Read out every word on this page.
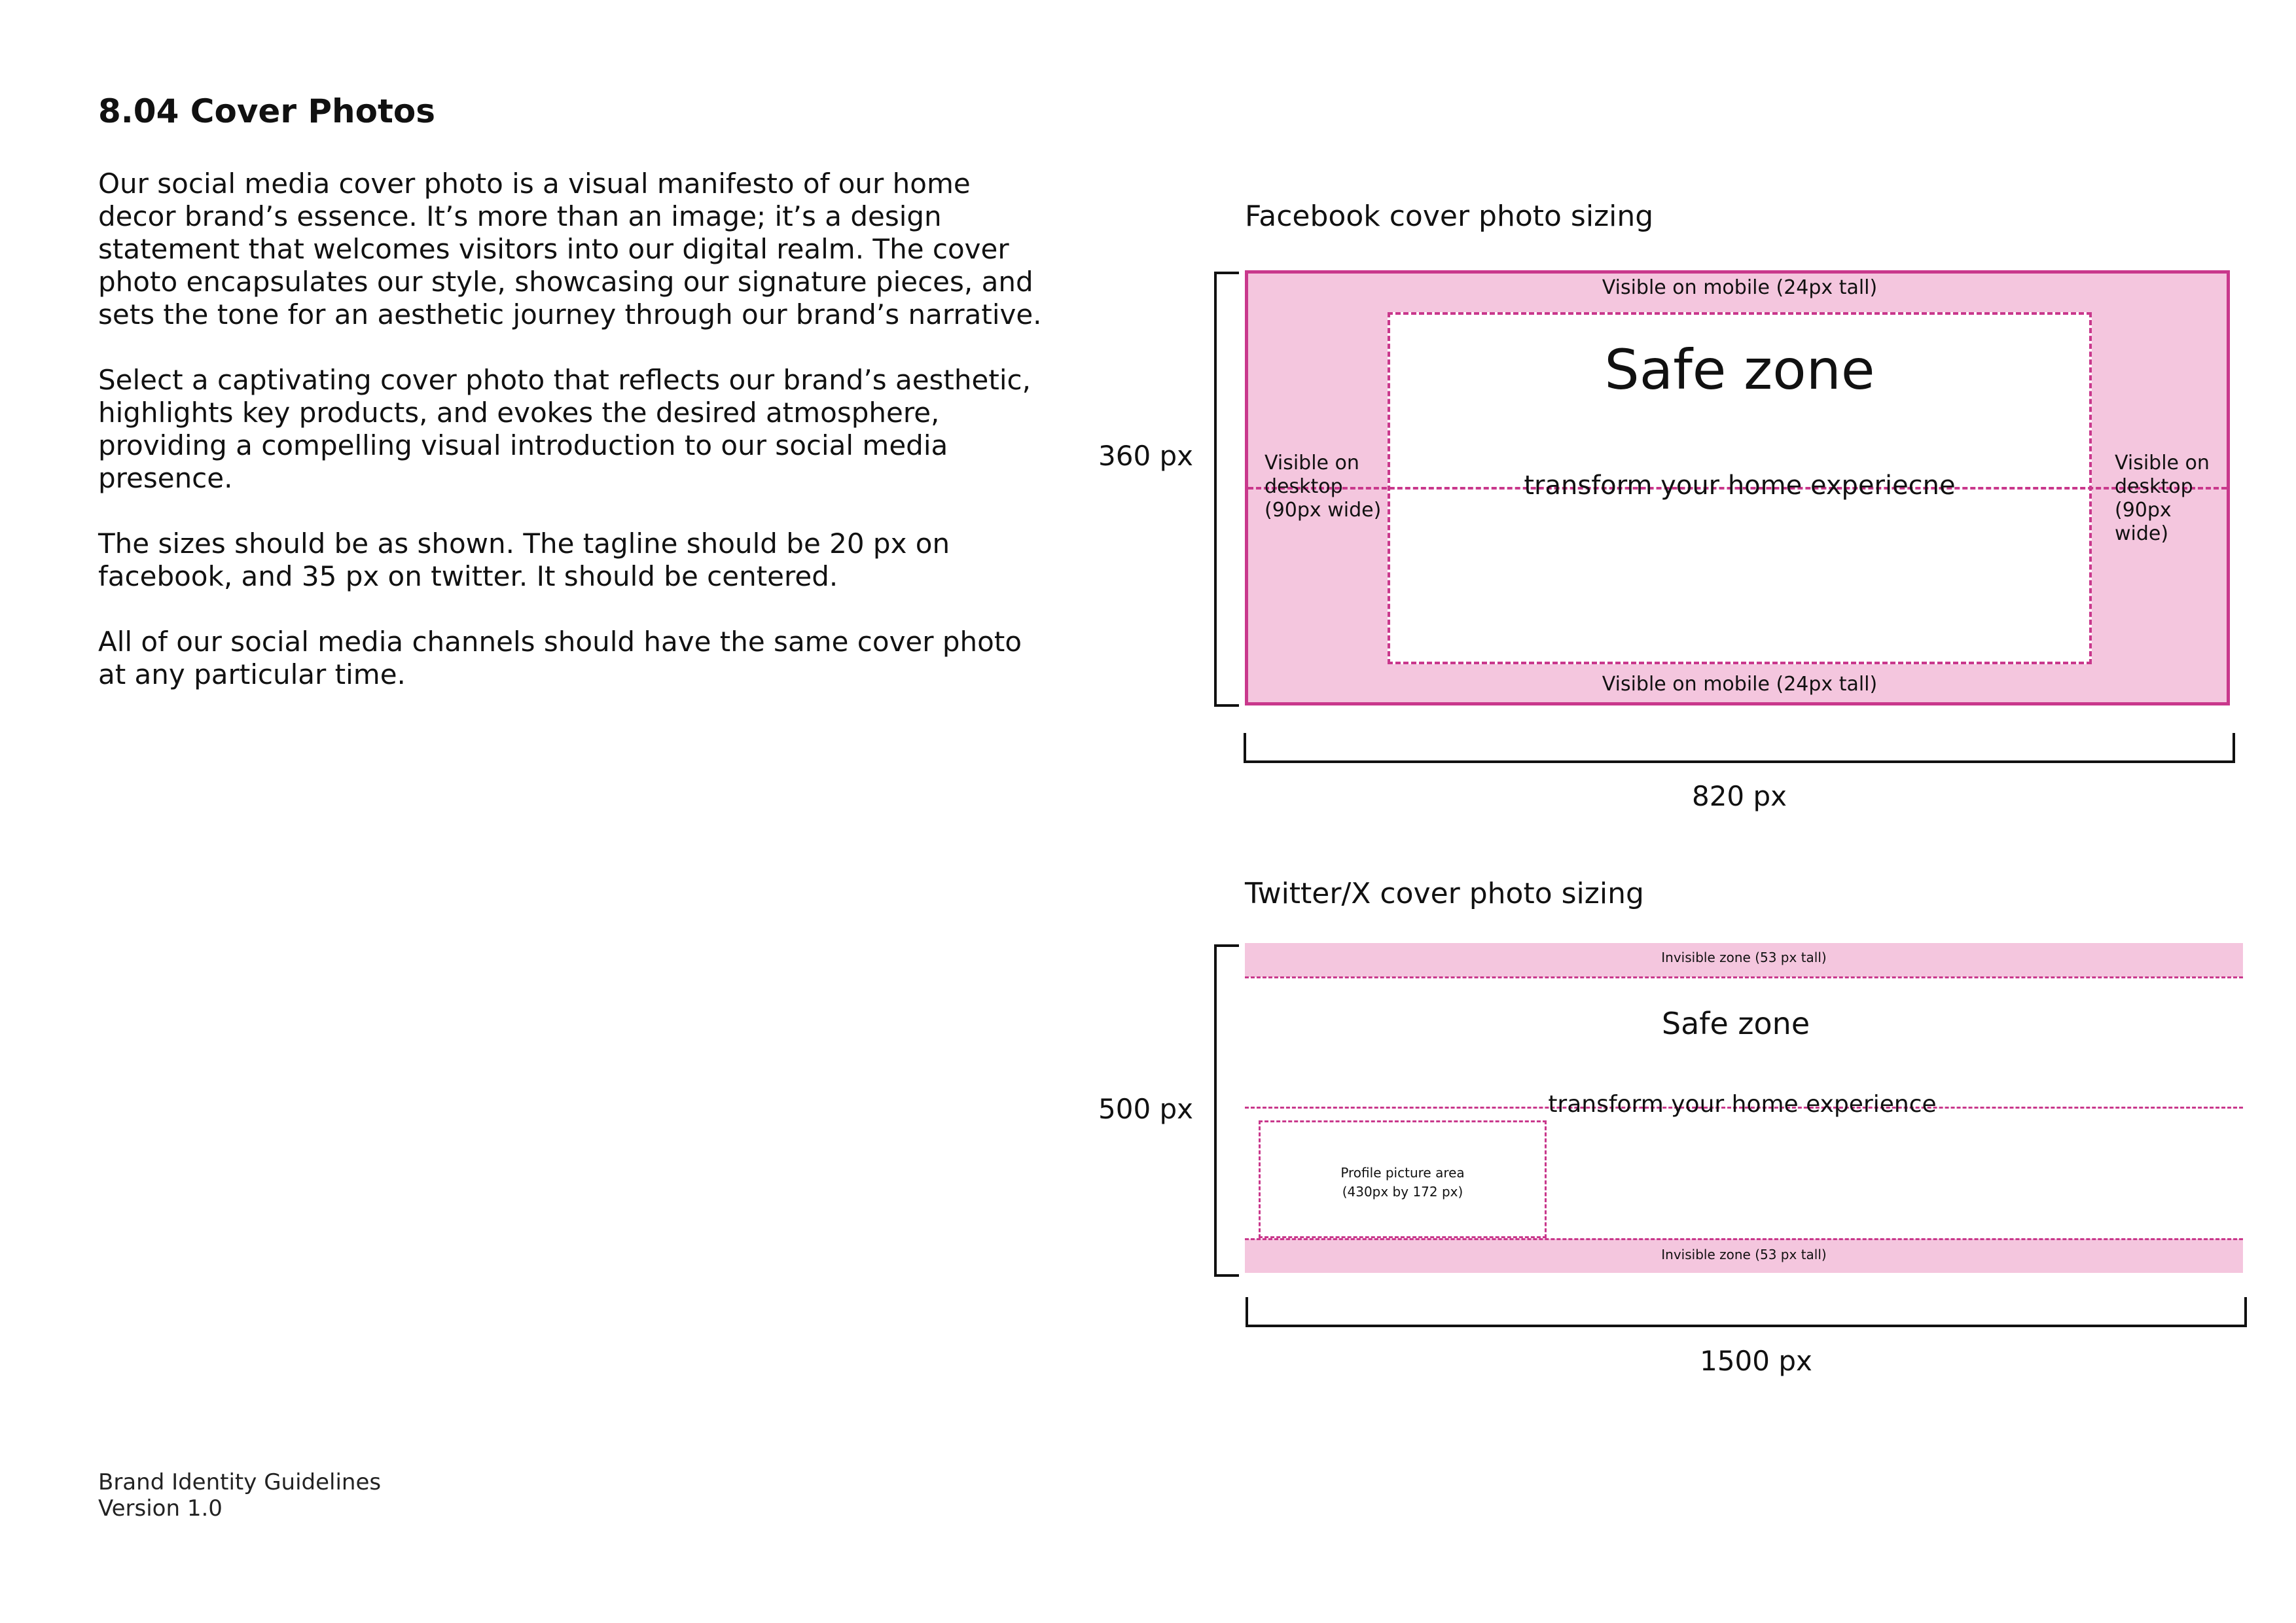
8.04 Cover Photos

Our social media cover photo is a visual manifesto of our home decor brand’s essence. It’s more than an image; it’s a design statement that welcomes visitors into our digital realm. The cover photo encapsulates our style, showcasing our signature pieces, and sets the tone for an aesthetic journey through our brand’s narrative.

Select a captivating cover photo that reflects our brand’s aesthetic, highlights key products, and evokes the desired atmosphere, providing a compelling visual introduction to our social media presence.

The sizes should be as shown. The tagline should be 20 px on facebook, and 35 px on twitter. It should be centered.

All of our social media channels should have the same cover photo at any particular time.

Brand Identity Guidelines
Version 1.0
Facebook cover photo sizing
360 px
Visible on mobile (24px tall)
Visible on mobile (24px tall)
Visible on desktop (90px wide)
Visible on desktop (90px wide)
Safe zone
transform your home experiecne
820 px
Twitter/X cover photo sizing
500 px
Invisible zone (53 px tall)
Safe zone
transform your home experience
Profile picture area
(430px by 172 px)
Invisible zone (53 px tall)
1500 px
